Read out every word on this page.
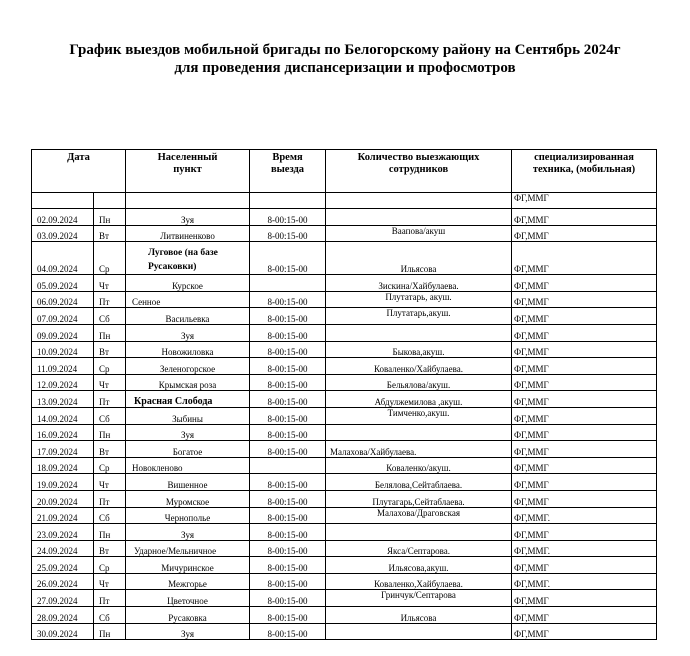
График выездов мобильной бригады по Белогорскому району на Сентябрь 2024г
для проведения диспансеризации и профосмотров
Дата		Населенный пункт	Время выезда	Количество выезжающих сотрудников	специализированная техника, (мобильная)

					ФГ,ММГ
02.09.2024	Пн	Зуя	8-00:15-00		ФГ,ММГ
03.09.2024	Вт	Литвиненково	8-00:15-00	Ваапова/акуш	ФГ,ММГ
04.09.2024	Ср	Луговое (на базе Русаковки)	8-00:15-00	Ильясова	ФГ,ММГ
05.09.2024	Чт	Курское		Зискина/Хайбулаева.	ФГ,ММГ
06.09.2024	Пт	Сенное	8-00:15-00	Плутатарь, акуш.	ФГ,ММГ
07.09.2024	Сб	Васильевка	8-00:15-00	Плутатарь,акуш.	ФГ,ММГ
09.09.2024	Пн	Зуя	8-00:15-00		ФГ,ММГ
10.09.2024	Вт	Новожиловка	8-00:15-00	Быкова,акуш.	ФГ,ММГ
11.09.2024	Ср	Зеленогорское	8-00:15-00	Коваленко/Хайбулаева.	ФГ,ММГ
12.09.2024	Чт	Крымская роза	8-00:15-00	Бельялова/акуш.	ФГ,ММГ
13.09.2024	Пт	Красная Слобода	8-00:15-00	Абдулжемилова ,акуш.	ФГ,ММГ
14.09.2024	Сб	Зыбины	8-00:15-00	Тимченко,акуш.	ФГ,ММГ
16.09.2024	Пн	Зуя	8-00:15-00		ФГ,ММГ
17.09.2024	Вт	Богатое	8-00:15-00	Малахова/Хайбулаева.	ФГ,ММГ
18.09.2024	Ср	Новокленово		Коваленко/акуш.	ФГ,ММГ
19.09.2024	Чт	Вишенное	8-00:15-00	Белялова,Сейтаблаева.	ФГ,ММГ
20.09.2024	Пт	Муромское	8-00:15-00	Плутагарь,Сейтаблаева.	ФГ,ММГ
21.09.2024	Сб	Чернополье	8-00:15-00	Малахова/Драговская	ФГ,ММГ.
23.09.2024	Пн	Зуя	8-00:15-00		ФГ,ММГ
24.09.2024	Вт	Ударное/Мельничное	8-00:15-00	Якса/Септарова.	ФГ,ММГ.
25.09.2024	Ср	Мичуринское	8-00:15-00	Ильясова,акуш.	ФГ,ММГ
26.09.2024	Чт	Межгорье	8-00:15-00	Коваленко,Хайбулаева.	ФГ,ММГ.
27.09.2024	Пт	Цветочное	8-00:15-00	Гринчук/Септарова	ФГ,ММГ
28.09.2024	Сб	Русаковка	8-00:15-00	Ильясова	ФГ,ММГ
30.09.2024	Пн	Зуя	8-00:15-00		ФГ,ММГ
